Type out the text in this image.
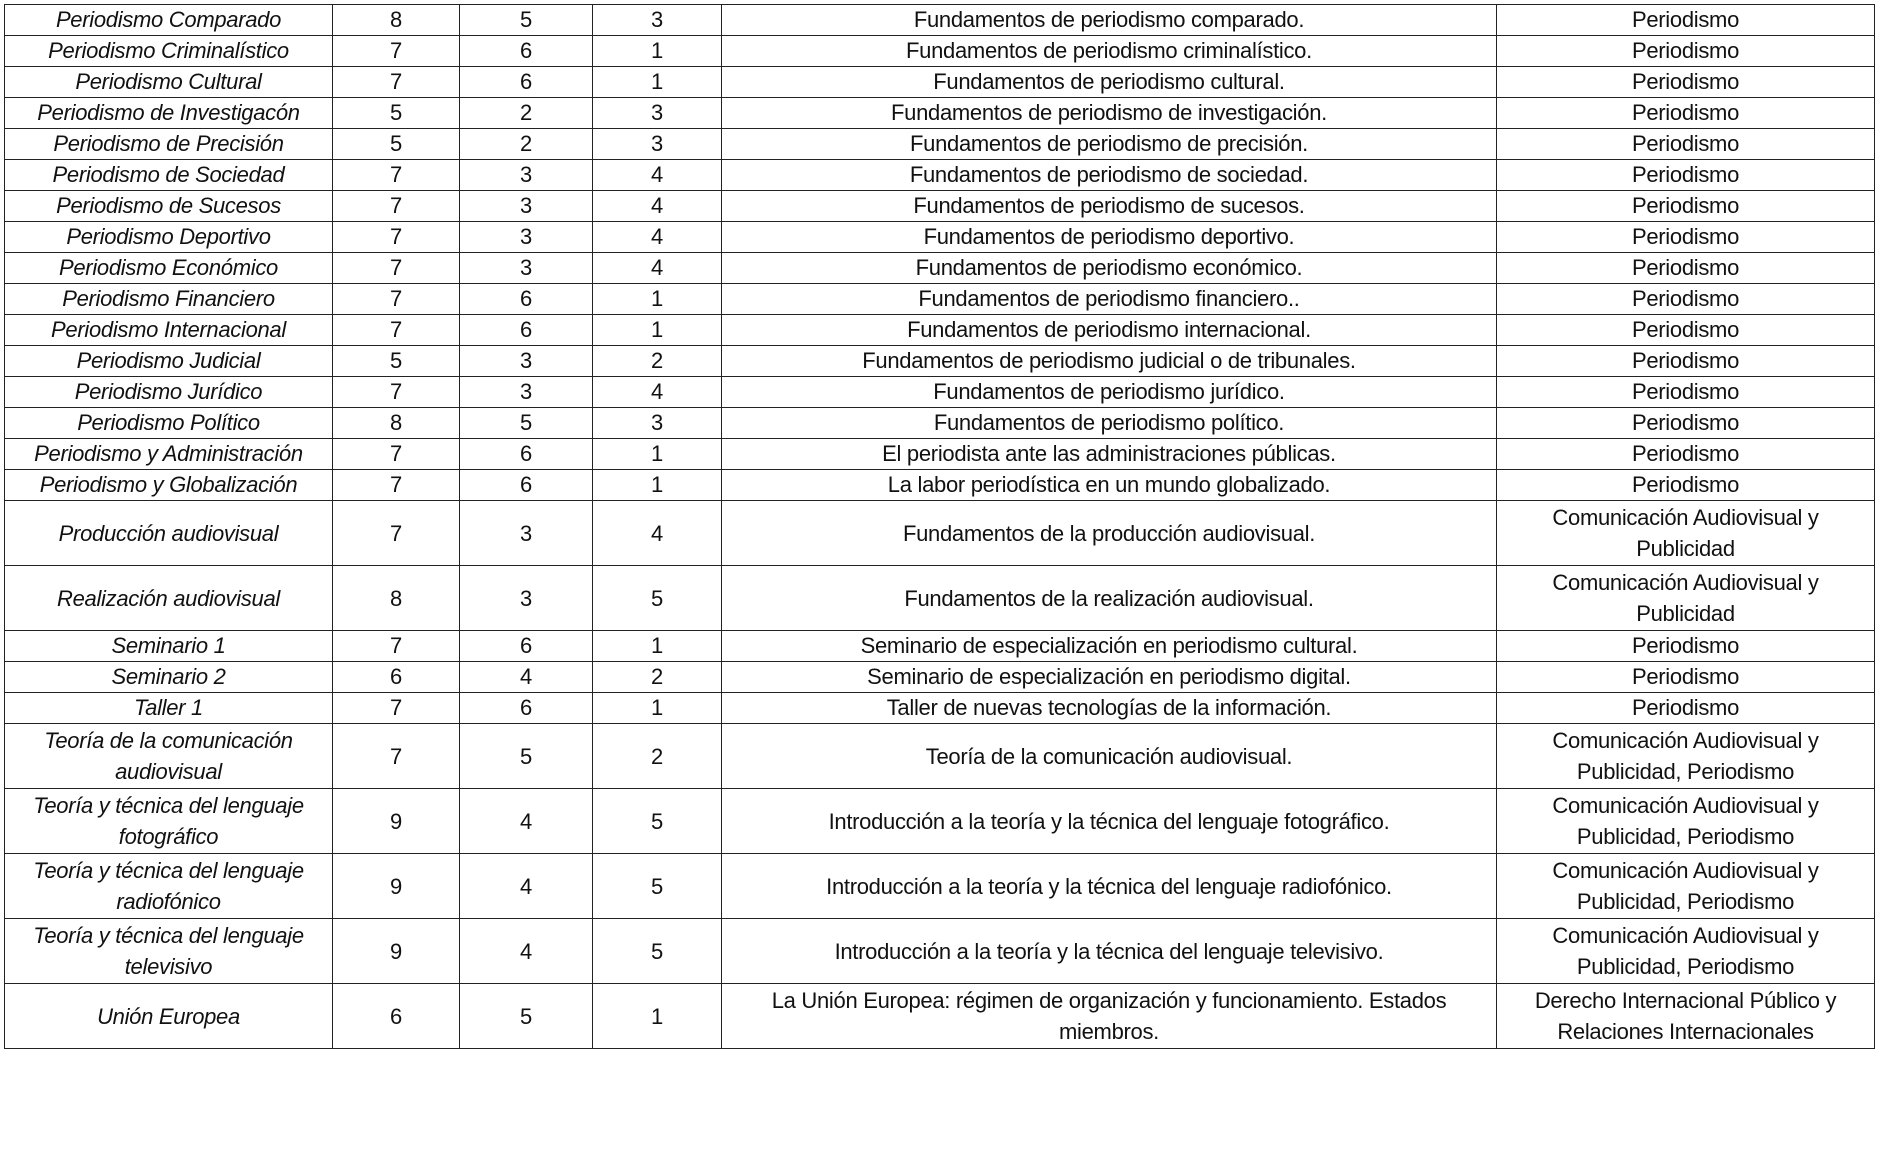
Periodismo Comparado	8	5	3	Fundamentos de periodismo comparado.	Periodismo
Periodismo Criminalístico	7	6	1	Fundamentos de periodismo criminalístico.	Periodismo
Periodismo Cultural	7	6	1	Fundamentos de periodismo cultural.	Periodismo
Periodismo de Investigacón	5	2	3	Fundamentos de periodismo de investigación.	Periodismo
Periodismo de Precisión	5	2	3	Fundamentos de periodismo de precisión.	Periodismo
Periodismo de Sociedad	7	3	4	Fundamentos de periodismo de sociedad.	Periodismo
Periodismo de Sucesos	7	3	4	Fundamentos de periodismo de sucesos.	Periodismo
Periodismo Deportivo	7	3	4	Fundamentos de periodismo deportivo.	Periodismo
Periodismo Económico	7	3	4	Fundamentos de periodismo económico.	Periodismo
Periodismo Financiero	7	6	1	Fundamentos de periodismo financiero..	Periodismo
Periodismo Internacional	7	6	1	Fundamentos de periodismo internacional.	Periodismo
Periodismo Judicial	5	3	2	Fundamentos de periodismo judicial o de tribunales.	Periodismo
Periodismo Jurídico	7	3	4	Fundamentos de periodismo jurídico.	Periodismo
Periodismo Político	8	5	3	Fundamentos de periodismo político.	Periodismo
Periodismo y Administración	7	6	1	El periodista ante las administraciones públicas.	Periodismo
Periodismo y Globalización	7	6	1	La labor periodística en un mundo globalizado.	Periodismo
Producción audiovisual	7	3	4	Fundamentos de la producción audiovisual.	Comunicación Audiovisual y Publicidad
Realización audiovisual	8	3	5	Fundamentos de la realización audiovisual.	Comunicación Audiovisual y Publicidad
Seminario 1	7	6	1	Seminario de especialización en periodismo cultural.	Periodismo
Seminario 2	6	4	2	Seminario de especialización en periodismo digital.	Periodismo
Taller 1	7	6	1	Taller de nuevas tecnologías de la información.	Periodismo
Teoría de la comunicación audiovisual	7	5	2	Teoría de la comunicación audiovisual.	Comunicación Audiovisual y Publicidad, Periodismo
Teoría y técnica del lenguaje fotográfico	9	4	5	Introducción a la teoría y la técnica del lenguaje fotográfico.	Comunicación Audiovisual y Publicidad, Periodismo
Teoría y técnica del lenguaje radiofónico	9	4	5	Introducción a la teoría y la técnica del lenguaje radiofónico.	Comunicación Audiovisual y Publicidad, Periodismo
Teoría y técnica del lenguaje televisivo	9	4	5	Introducción a la teoría y la técnica del lenguaje televisivo.	Comunicación Audiovisual y Publicidad, Periodismo
Unión Europea	6	5	1	La Unión Europea: régimen de organización y funcionamiento. Estados miembros.	Derecho Internacional Público y Relaciones Internacionales
